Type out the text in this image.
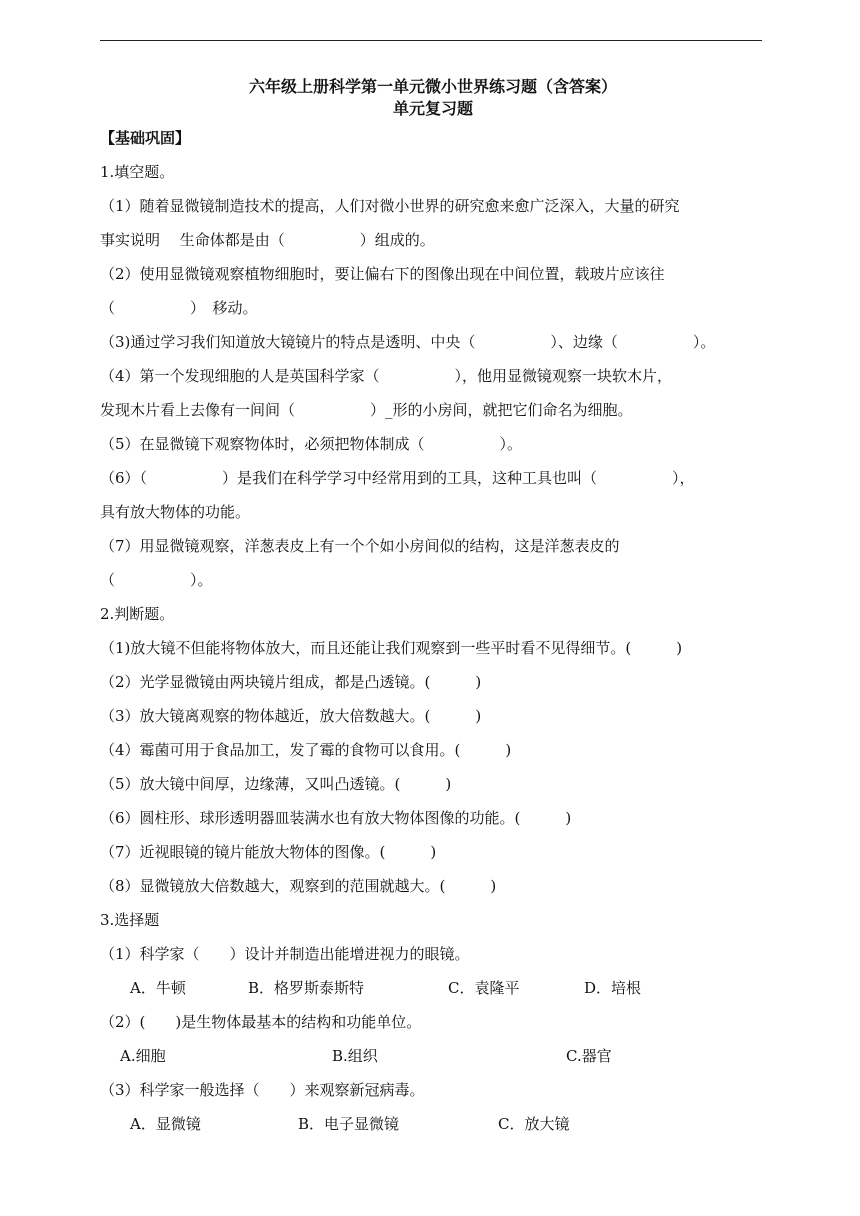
六年级上册科学第一单元微小世界练习题（含答案）

单元复习题

【基础巩固】

1.填空题。

（1）随着显微镜制造技术的提高，人们对微小世界的研究愈来愈广泛深入，大量的研究

事实说明　 生命体都是由（　　　　　）组成的。

（2）使用显微镜观察植物细胞时，要让偏右下的图像出现在中间位置，载玻片应该往

（　　　　　）　移动。

（3)通过学习我们知道放大镜镜片的特点是透明、中央（　　　　　）、边缘（　　　　　）。

（4）第一个发现细胞的人是英国科学家（　　　　　），他用显微镜观察一块软木片，

发现木片看上去像有一间间（　　　　　）_形的小房间，就把它们命名为细胞。

（5）在显微镜下观察物体时，必须把物体制成（　　　　　）。

（6）（　　　　　）是我们在科学学习中经常用到的工具，这种工具也叫（　　　　　），

具有放大物体的功能。

（7）用显微镜观察，洋葱表皮上有一个个如小房间似的结构，这是洋葱表皮的

（　　　　　）。

2.判断题。

（1)放大镜不但能将物体放大，而且还能让我们观察到一些平时看不见得细节。(　　　)

（2）光学显微镜由两块镜片组成，都是凸透镜。(　　　)

（3）放大镜离观察的物体越近，放大倍数越大。(　　　)

（4）霉菌可用于食品加工，发了霉的食物可以食用。(　　　)

（5）放大镜中间厚，边缘薄，又叫凸透镜。(　　　)

（6）圆柱形、球形透明器皿装满水也有放大物体图像的功能。(　　　)

（7）近视眼镜的镜片能放大物体的图像。(　　　)

（8）显微镜放大倍数越大，观察到的范围就越大。(　　　)

3.选择题

（1）科学家（　　）设计并制造出能增进视力的眼镜。

A．牛顿	B．格罗斯泰斯特	C．袁隆平	D．培根

（2）(　　)是生物体最基本的结构和功能单位。

A.细胞	B.组织	C.器官

（3）科学家一般选择（　　）来观察新冠病毒。

A．显微镜	B．电子显微镜	C．放大镜
